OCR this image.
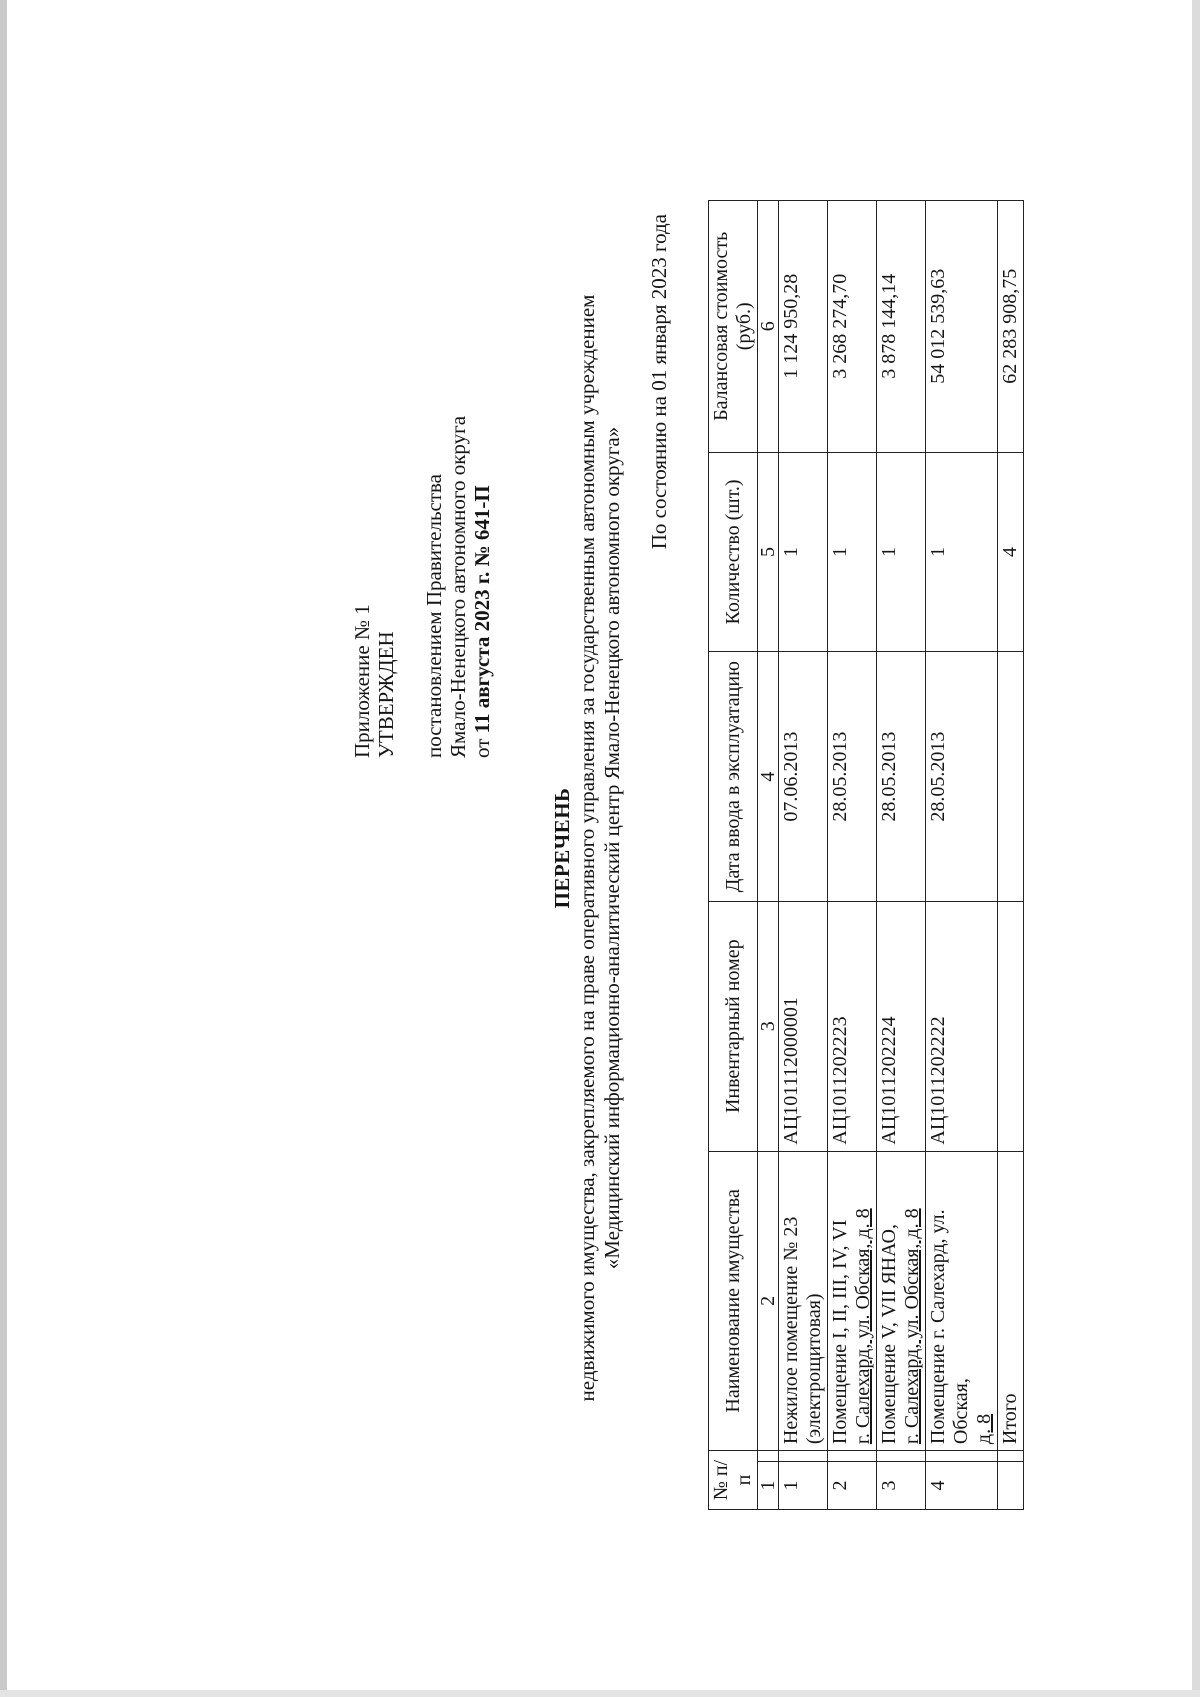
Приложение № 1 УТВЕРЖДЕН постановлением Правительства Ямало-Ненецкого автономного округа от 11 августа 2023 г. № 641-П
ПЕРЕЧЕНЬ недвижимого имущества, закрепляемого на праве оперативного управления за государственным автономным учреждением «Медицинский информационно-аналитический центр Ямало-Ненецкого автономного округа»
По состоянию на 01 января 2023 года
№ п/п		Наименование имущества	Инвентарный номер	Дата ввода в эксплуатацию	Количество (шт.)	Балансовая стоимость (руб.)
1		2	3	4	5	6
1		Нежилое помещение № 23 (электрощитовая)	АЦ101112000001	07.06.2013	1	1 124 950,28
2		Помещение I, II, III, IV, VI г. Салехард, ул. Обская, д. 8	АЦ1011202223	28.05.2013	1	3 268 274,70
3		Помещение V, VII ЯНАО, г. Салехард, ул. Обская, д. 8	АЦ1011202224	28.05.2013	1	3 878 144,14
4		Помещение г. Салехард, ул. Обская, д. 8	АЦ1011202222	28.05.2013	1	54 012 539,63
		Итого			4	62 283 908,75
